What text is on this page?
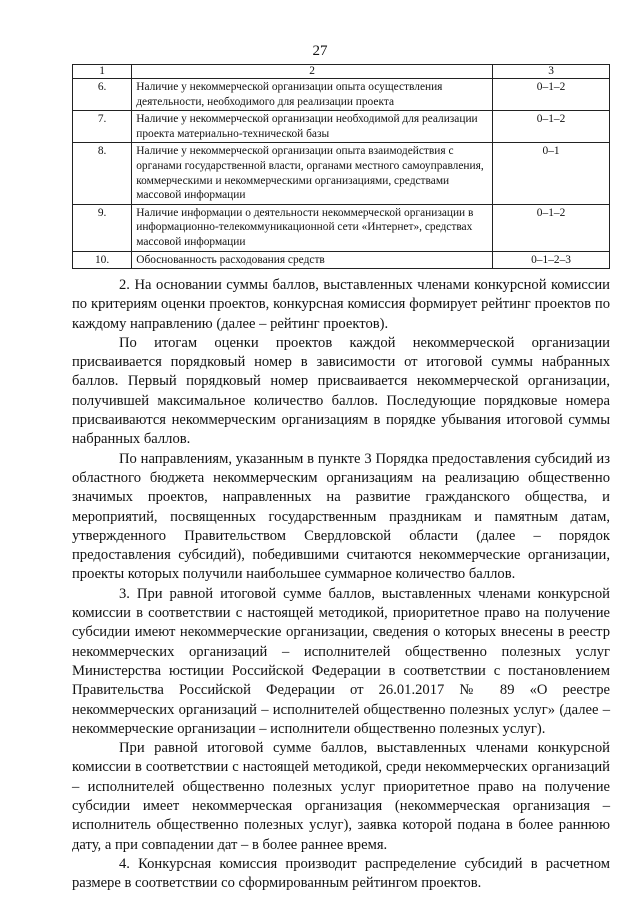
27
1	2	3
6.	Наличие у некоммерческой организации опыта осуществления деятельности, необходимого для реализации проекта	0–1–2
7.	Наличие у некоммерческой организации необходимой для реализации проекта материально-технической базы	0–1–2
8.	Наличие у некоммерческой организации опыта взаимодействия с органами государственной власти, органами местного самоуправления, коммерческими и некоммерческими организациями, средствами массовой информации	0–1
9.	Наличие информации о деятельности некоммерческой организации в информационно-телекоммуникационной сети «Интернет», средствах массовой информации	0–1–2
10.	Обоснованность расходования средств	0–1–2–3

2. На основании суммы баллов, выставленных членами конкурсной комиссии по критериям оценки проектов, конкурсная комиссия формирует рейтинг проектов по каждому направлению (далее – рейтинг проектов).

По итогам оценки проектов каждой некоммерческой организации присваивается порядковый номер в зависимости от итоговой суммы набранных баллов. Первый порядковый номер присваивается некоммерческой организации, получившей максимальное количество баллов. Последующие порядковые номера присваиваются некоммерческим организациям в порядке убывания итоговой суммы набранных баллов.

По направлениям, указанным в пункте 3 Порядка предоставления субсидий из областного бюджета некоммерческим организациям на реализацию общественно значимых проектов, направленных на развитие гражданского общества, и мероприятий, посвященных государственным праздникам и памятным датам, утвержденного Правительством Свердловской области (далее – порядок предоставления субсидий), победившими считаются некоммерческие организации, проекты которых получили наибольшее суммарное количество баллов.

3. При равной итоговой сумме баллов, выставленных членами конкурсной комиссии в соответствии с настоящей методикой, приоритетное право на получение субсидии имеют некоммерческие организации, сведения о которых внесены в реестр некоммерческих организаций – исполнителей общественно полезных услуг Министерства юстиции Российской Федерации в соответствии с постановлением Правительства Российской Федерации от 26.01.2017 № 89 «О реестре некоммерческих организаций – исполнителей общественно полезных услуг» (далее – некоммерческие организации – исполнители общественно полезных услуг).

При равной итоговой сумме баллов, выставленных членами конкурсной комиссии в соответствии с настоящей методикой, среди некоммерческих организаций – исполнителей общественно полезных услуг приоритетное право на получение субсидии имеет некоммерческая организация (некоммерческая организация – исполнитель общественно полезных услуг), заявка которой подана в более раннюю дату, а при совпадении дат – в более раннее время.

4. Конкурсная комиссия производит распределение субсидий в расчетном размере в соответствии со сформированным рейтингом проектов.
